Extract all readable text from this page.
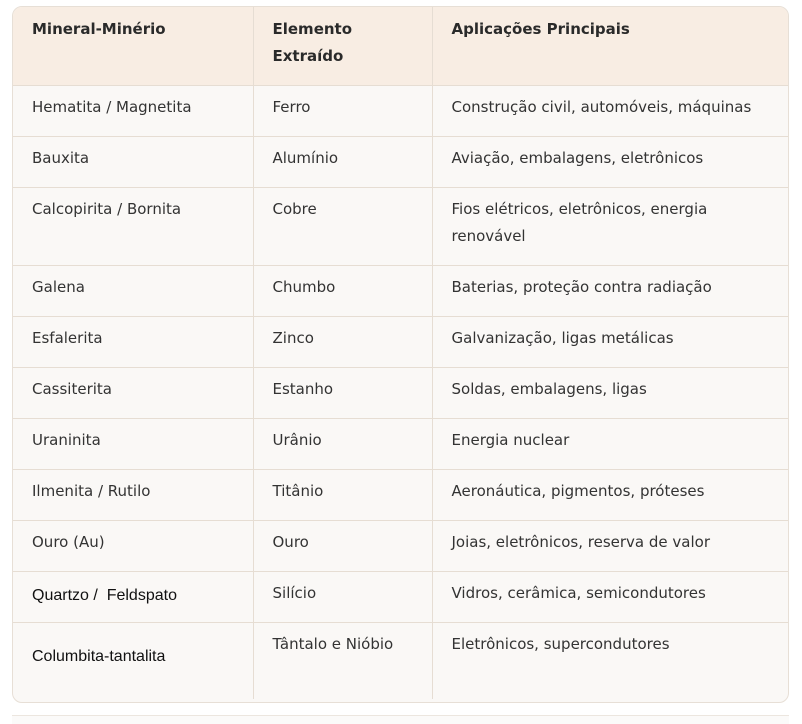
Mineral-Minério	Elemento Extraído	Aplicações Principais
Hematita / Magnetita	Ferro	Construção civil, automóveis, máquinas
Bauxita	Alumínio	Aviação, embalagens, eletrônicos
Calcopirita / Bornita	Cobre	Fios elétricos, eletrônicos, energia renovável
Galena	Chumbo	Baterias, proteção contra radiação
Esfalerita	Zinco	Galvanização, ligas metálicas
Cassiterita	Estanho	Soldas, embalagens, ligas
Uraninita	Urânio	Energia nuclear
Ilmenita / Rutilo	Titânio	Aeronáutica, pigmentos, próteses
Ouro (Au)	Ouro	Joias, eletrônicos, reserva de valor
Quartzo /  Feldspato	Silício	Vidros, cerâmica, semicondutores
Columbita-tantalita	Tântalo e Nióbio	Eletrônicos, supercondutores
